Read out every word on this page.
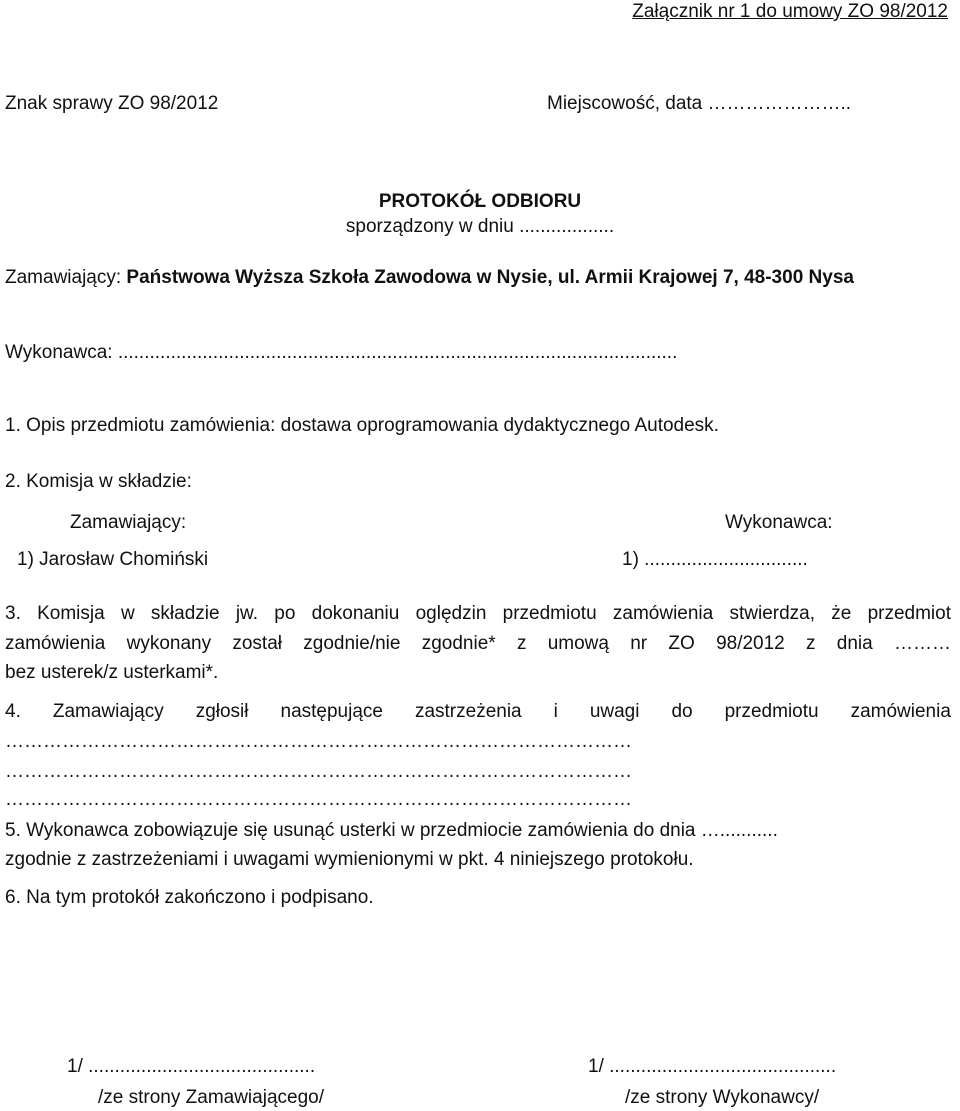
Załącznik nr 1 do umowy ZO 98/2012
Znak sprawy ZO 98/2012	Miejscowość, data …………………..
PROTOKÓŁ ODBIORU
sporządzony w dniu ..................
Zamawiający: Państwowa Wyższa Szkoła Zawodowa w Nysie, ul. Armii Krajowej 7, 48-300 Nysa
Wykonawca: ..........................................................................................................
1. Opis przedmiotu zamówienia: dostawa oprogramowania dydaktycznego Autodesk.
2. Komisja w składzie:
Zamawiający:	Wykonawca:
1) Jarosław Chomiński	1) ...............................
3. Komisja w składzie jw. po dokonaniu oględzin przedmiotu zamówienia stwierdza, że przedmiot
zamówienia wykonany został zgodnie/nie zgodnie* z umową nr ZO 98/2012 z dnia ………
bez usterek/z usterkami*.
4. Zamawiający zgłosił następujące zastrzeżenia i uwagi do przedmiotu zamówienia
………………………………………………………………………………………
………………………………………………………………………………………
………………………………………………………………………………………
5. Wykonawca zobowiązuje się usunąć usterki w przedmiocie zamówienia do dnia …...........
zgodnie z zastrzeżeniami i uwagami wymienionymi w pkt. 4 niniejszego protokołu.
6. Na tym protokół zakończono i podpisano.
1/ ...........................................	1/ ...........................................
/ze strony Zamawiającego/	/ze strony Wykonawcy/
